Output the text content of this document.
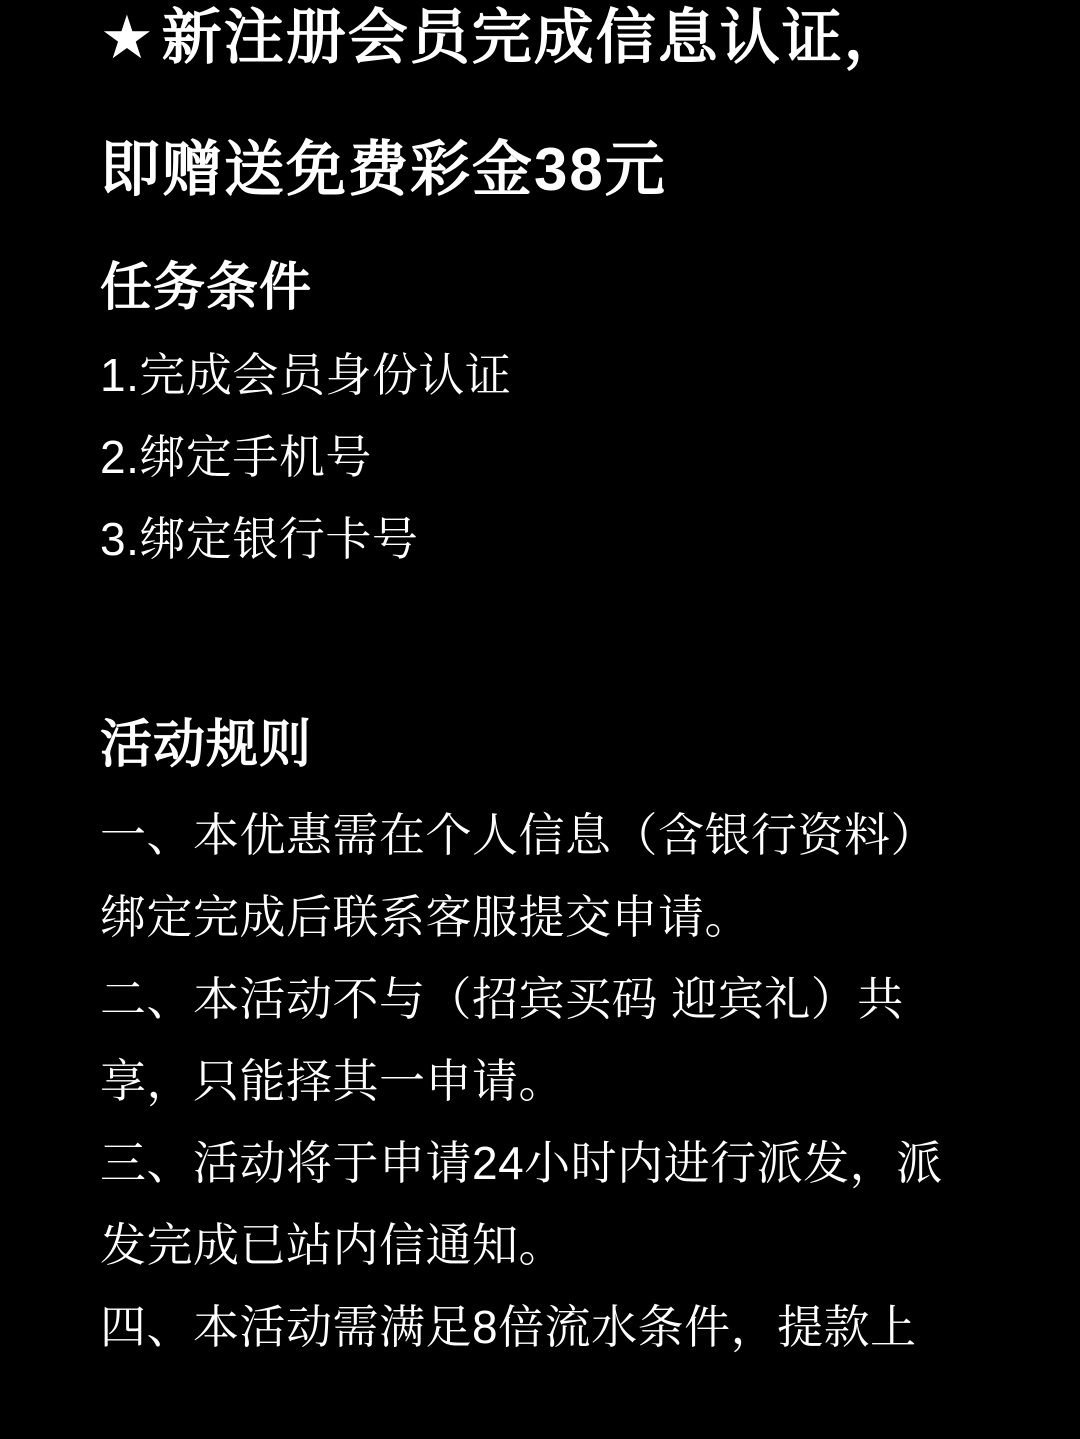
★ 新注册会员完成信息认证，
即赠送免费彩金38元
任务条件
1.完成会员身份认证
2.绑定手机号
3.绑定银行卡号
活动规则
一、本优惠需在个人信息（含银行资料）
绑定完成后联系客服提交申请。
二、本活动不与（招宾买码 迎宾礼）共
享，只能择其一申请。
三、活动将于申请24小时内进行派发，派
发完成已站内信通知。
四、本活动需满足8倍流水条件，提款上
